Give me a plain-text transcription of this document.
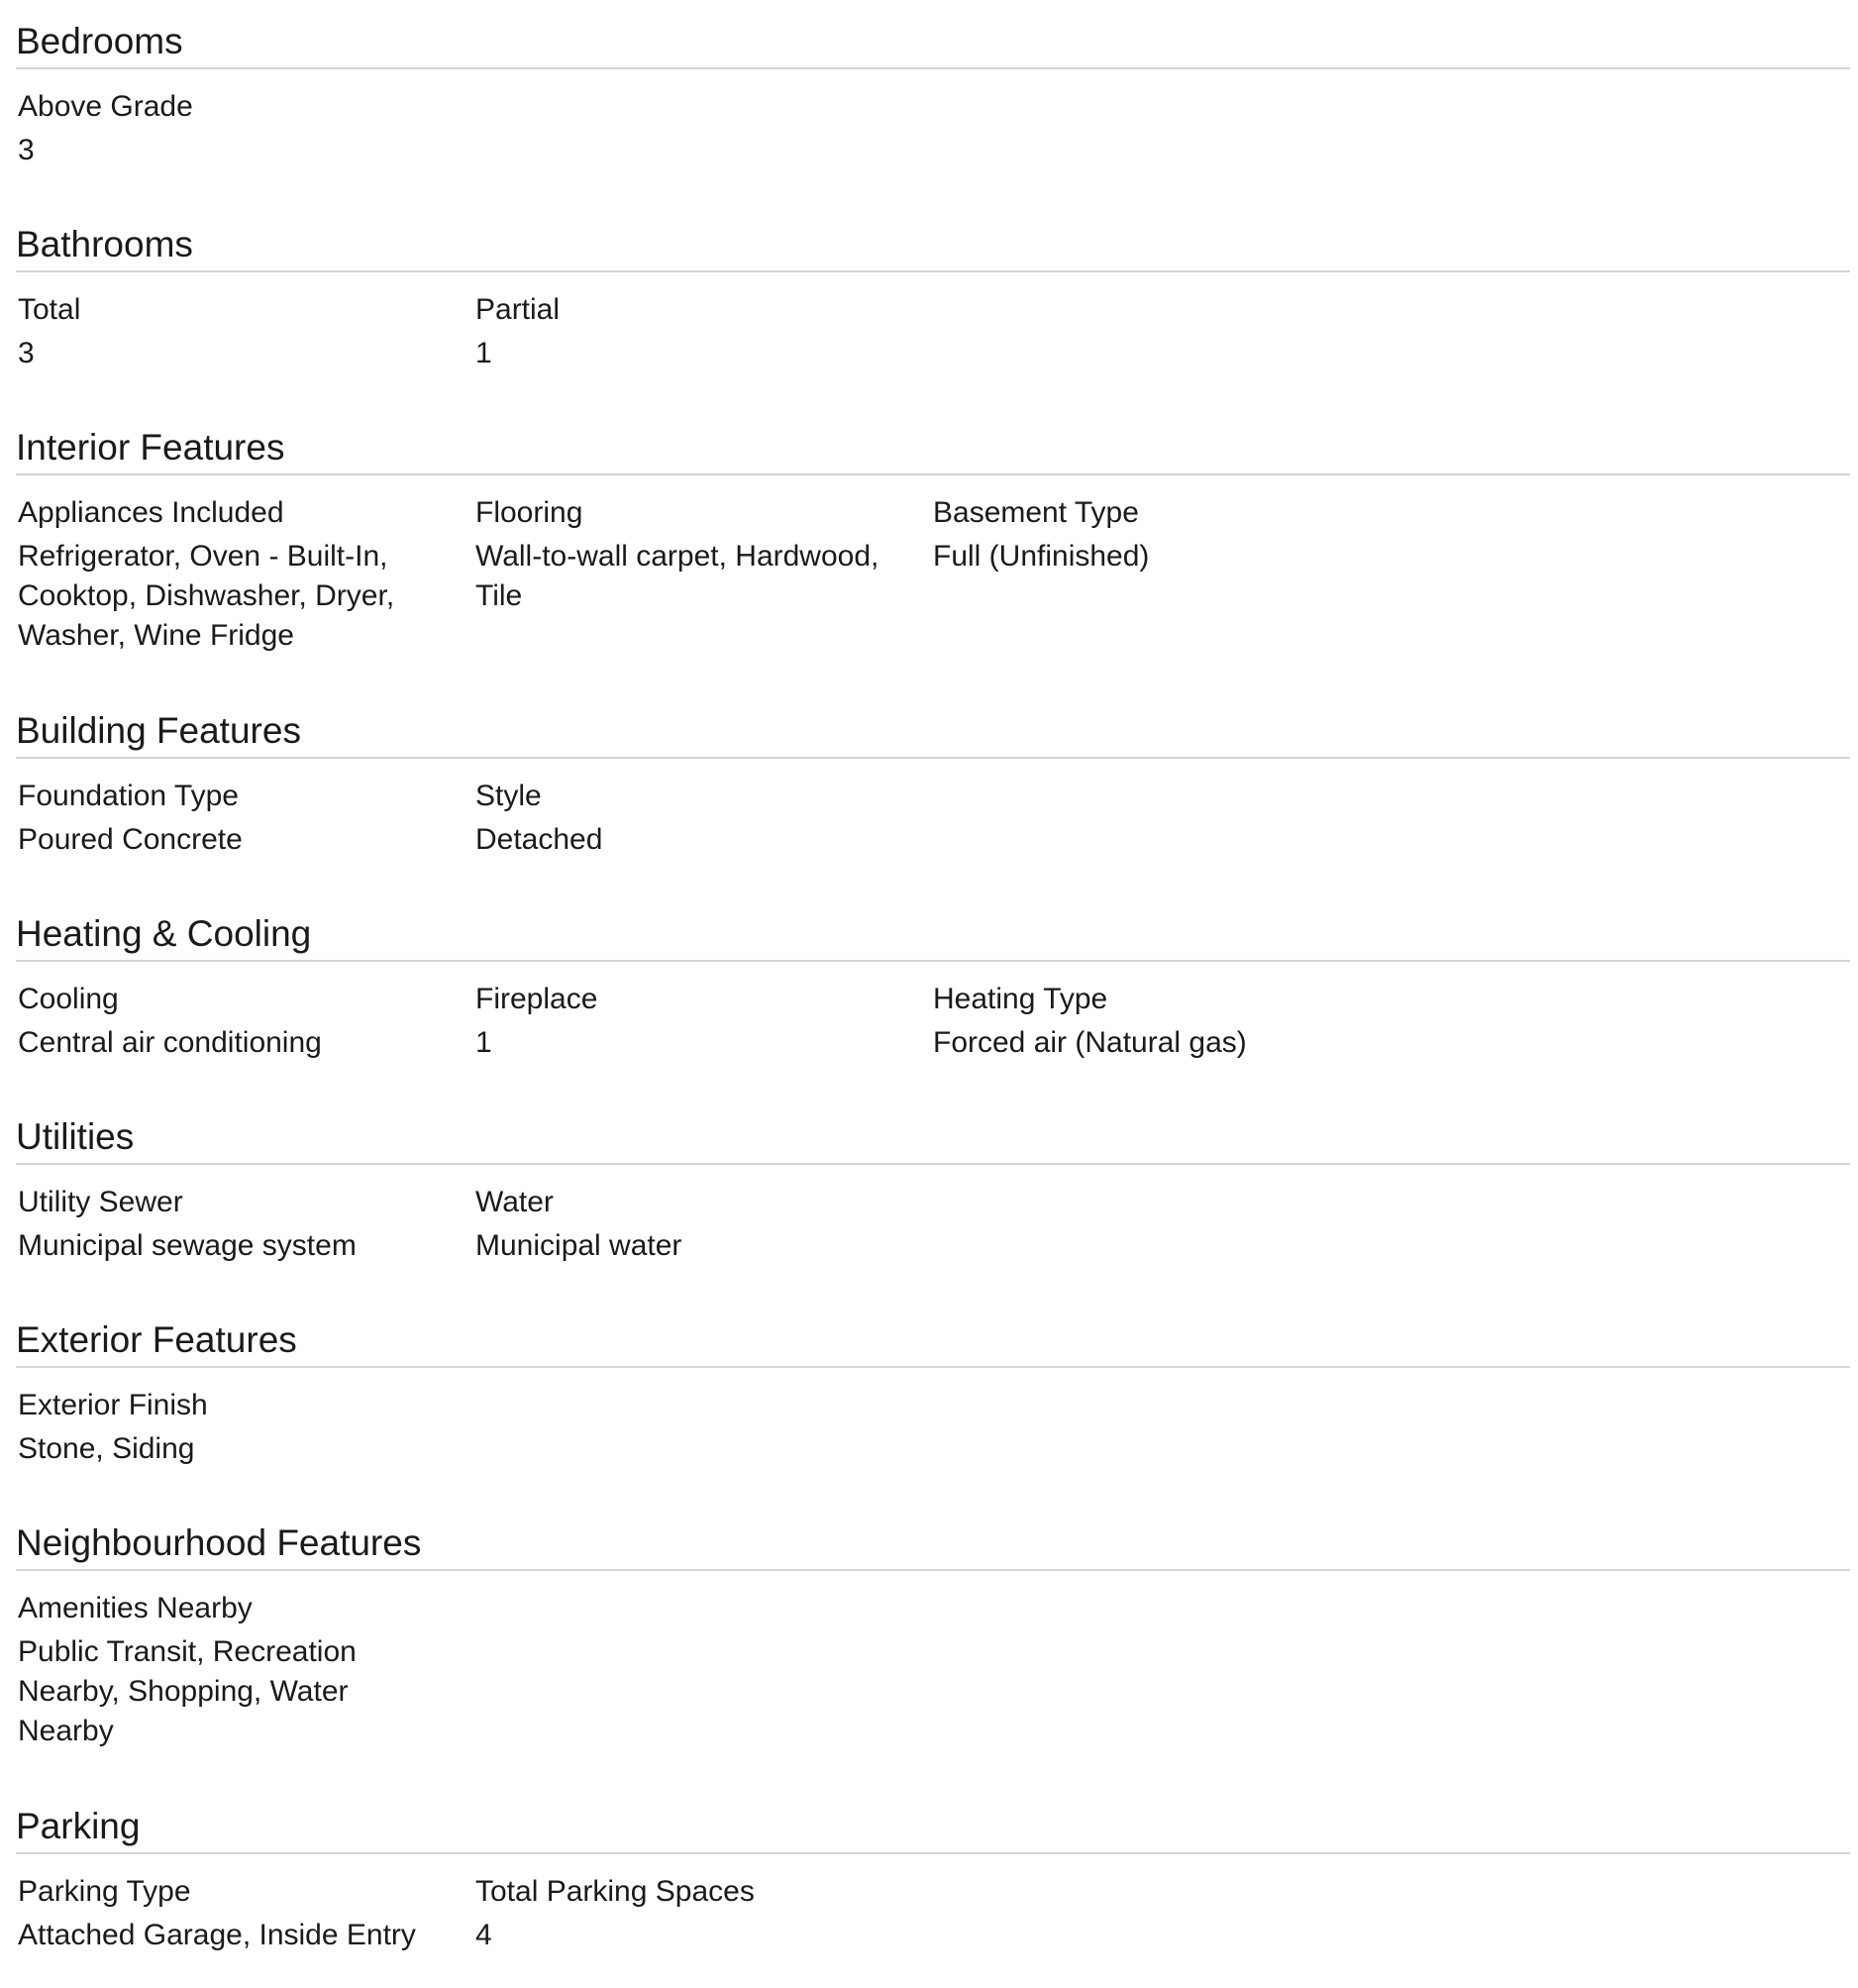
Bedrooms
Above Grade
3
Bathrooms
Total
3
Partial
1
Interior Features
Appliances Included
Refrigerator, Oven - Built-In,
Cooktop, Dishwasher, Dryer,
Washer, Wine Fridge
Flooring
Wall-to-wall carpet, Hardwood,
Tile
Basement Type
Full (Unfinished)
Building Features
Foundation Type
Poured Concrete
Style
Detached
Heating & Cooling
Cooling
Central air conditioning
Fireplace
1
Heating Type
Forced air (Natural gas)
Utilities
Utility Sewer
Municipal sewage system
Water
Municipal water
Exterior Features
Exterior Finish
Stone, Siding
Neighbourhood Features
Amenities Nearby
Public Transit, Recreation
Nearby, Shopping, Water
Nearby
Parking
Parking Type
Attached Garage, Inside Entry
Total Parking Spaces
4
